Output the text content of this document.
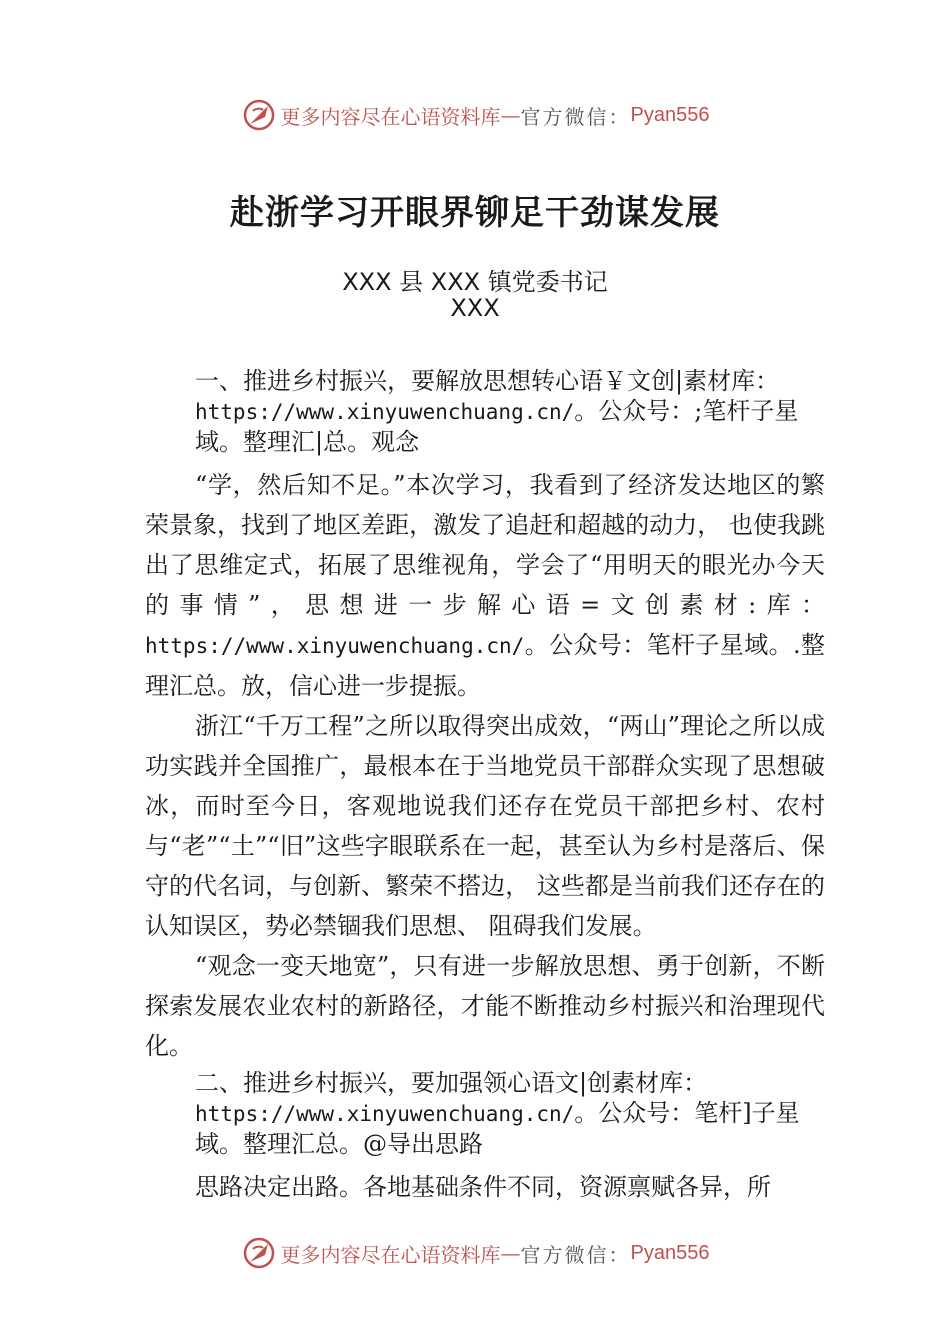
更多内容尽在心语资料库 — 官方微信： Pyan556
赴浙学习开眼界铆足干劲谋发展
XXX 县 XXX 镇党委书记
XXX
一、推进乡村振兴，要解放思想转心语￥文创|素材库：https://www.xinyuwenchuang.cn/。公众号：;笔杆子星域。整理汇|总。观念

“学，然后知不足。”本次学习，我看到了经济发达地区的繁荣景象，找到了地区差距，激发了追赶和超越的动力， 也使我跳出了思维定式，拓展了思维视角，学会了“用明天的眼光办今天的事情”，思想进一步解心语=文创素材:库：https://www.xinyuwenchuang.cn/。公众号：笔杆子星域。.整理汇总。放，信心进一步提振。

浙江“千万工程”之所以取得突出成效，“两山”理论之所以成功实践并全国推广，最根本在于当地党员干部群众实现了思想破冰，而时至今日，客观地说我们还存在党员干部把乡村、农村与“老”“土”“旧”这些字眼联系在一起，甚至认为乡村是落后、保守的代名词，与创新、繁荣不搭边， 这些都是当前我们还存在的认知误区，势必禁锢我们思想、 阻碍我们发展。

“观念一变天地宽”，只有进一步解放思想、勇于创新，不断探索发展农业农村的新路径，才能不断推动乡村振兴和治理现代化。

二、推进乡村振兴，要加强领心语文|创素材库：https://www.xinyuwenchuang.cn/。公众号：笔杆]子星域。整理汇总。@导出思路

思路决定出路。各地基础条件不同，资源禀赋各异，所

更多内容尽在心语资料库 — 官方微信： Pyan556
